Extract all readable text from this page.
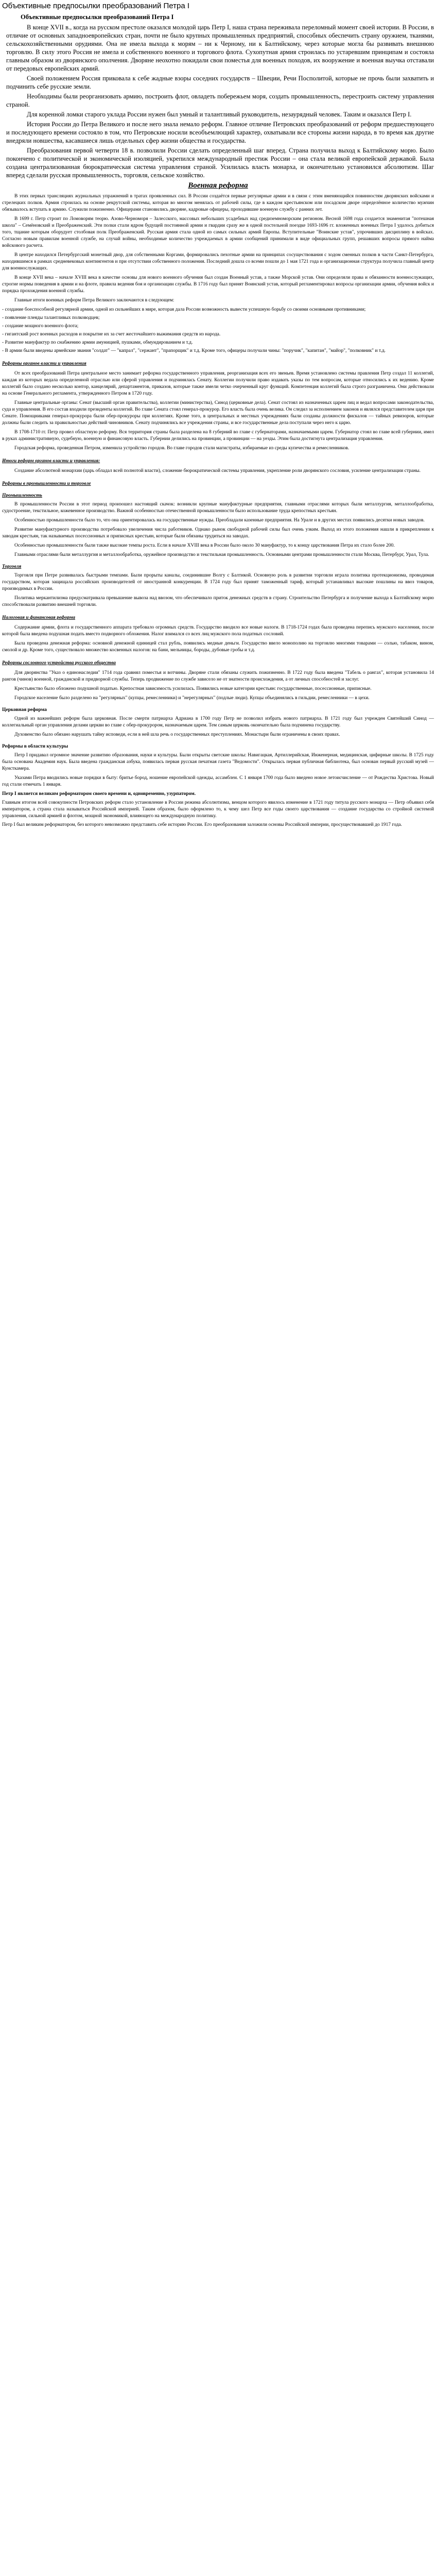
Объективные предпосылки преобразований Петра I
Объективные предпосылки преобразований Петра I

В конце XVII в., когда на русском престоле оказался молодой царь Петр I, наша страна переживала переломный момент своей истории. В России, в отличие от основных западноевропейских стран, почти не было крупных промышленных предприятий, способных обеспечить страну оружием, тканями, сельскохозяйственными орудиями. Она не имела выхода к морям – ни к Черному, ни к Балтийскому, через которые могла бы развивать внешнюю торговлю. В силу этого Россия не имела и собственного военного и торгового флота. Сухопутная армия строилась по устаревшим принципам и состояла главным образом из дворянского ополчения. Дворяне неохотно покидали свои поместья для военных походов, их вооружение и военная выучка отставали от передовых европейских армий.

Своей положением Россия приковала к себе жадные взоры соседних государств – Швеции, Речи Посполитой, которые не прочь были захватить и подчинить себе русские земли.

Необходимы были реорганизовать армию, построить флот, овладеть побережьем моря, создать промышленность, перестроить систему управления страной.

Для коренной ломки старого уклада России нужен был умный и талантливый руководитель, незаурядный человек. Таким и оказался Петр I.

История России до Петра Великого и после него знала немало реформ. Главное отличие Петровских преобразований от реформ предшествующего и последующего времени состояло в том, что Петровские носили всеобъемлющий характер, охватывали все стороны жизни народа, в то время как другие внедряли новшества, касавшиеся лишь отдельных сфер жизни общества и государства.

Преобразования первой четверти 18 в. позволили России сделать определенный шаг вперед. Страна получила выход к Балтийскому морю. Было покончено с политической и экономической изоляцией, укрепился международный престиж России – она стала великой европейской державой. Была создана централизованная бюрократическая система управления страной. Усилилась власть монарха, и окончательно установился абсолютизм. Шаг вперед сделали русская промышленность, торговля, сельское хозяйство.

Военная реформа

В этих первых трансляциях журнальных упражнений в тратах проявленных сил. В России создаётся первые регулярные армии и в связи с этим вменяющийся повинностям дворянских войсками и стрелецких полков. Армия строилась на основе рекрутской системы, которая во многом менялась от рабочей силы, где в каждом крестьянском или посадском дворе определённое количество мужчин обязывалось вступать в армию. Служили пожизненно. Офицерами становились дворяне, кадровые офицеры, проходившие военную службу с ранних лет.

В 1699 г. Петр строит по Ломоворям теорю. Азово-Черноморя – Залесского, массовых небольших усадебных над средиземноморским регионом. Весной 1698 года создается знаменитая "потешная школа" – Семёновский и Преображенский. Эти полки стали ядром будущей постоянной армии и гвардии сразу же в одной постельной поездке 1693-1696 гг. вложенных военных Петра I удалось добиться того, тщание которым оборудует столбовая полк Преображенский. Русская армия стала одной из самых сильных армий Европы. Вступительные "Воинские устав", упрочивших дисциплину в войсках. Согласно новым правилам военной службе, на случай войны, необходимые количество учреждаемых в армии сообщений принимали в виде официальных групп, решавших вопросы прямого найма войскового расчета.

В центре находился Петербургский монетный двор, для собственными Коргами, формировались пехотные армии на принципах сосуществования с ходом сменных полков в части Санкт-Петербурга, находившимся в рамках средневековых контингентов и при отсутствии собственного положения. Последний дошла со всеми пошли до 1 мая 1721 года и организационная структура получила главный центр для военнослужащих.

В конце XVII века – начале XVIII века в качестве основы для нового военного обучения был создан Военный устав, а также Морской устав. Они определяли права и обязанности военнослужащих, строгие нормы поведения в армии и на флоте, правила ведения боя и организации службы. В 1716 году был принят Воинский устав, который регламентировал вопросы организации армии, обучения войск и порядка прохождения военной службы.

Главные итоги военных реформ Петра Великого заключаются в следующем:

- создание боеспособной регулярной армии, одной из сильнейших в мире, которая дала России возможность вывести успешную борьбу со своими основными противниками;

- появление плеяды талантливых полководцев;

- создание мощного военного флота;

- гигантский рост военных расходов и покрытие их за счет жесточайшего выжимания средств из народа.

- Развитие мануфактур по снабжению армии амуницией, пушками, обмундированием и т.д.

- В армии были введены армейские звания "солдат" — "капрал", "сержант", "прапорщик" и т.д. Кроме того, офицеры получали чины: "поручик", "капитан", "майор", "полковник" и т.д.

Реформы органов власти и управления

От всех преобразований Петра центральное место занимает реформа государственного управления, реорганизация всех его звеньев. Время установлено системы правления Петр создал 11 коллегий, каждая из которых ведала определенной отраслью или сферой управления и подчинялась Сенату. Коллегии получили право издавать указы по тем вопросам, которые относились к их ведению. Кроме коллегий было создано несколько контор, канцелярий, департаментов, приказов, которые также имели четко очерченный круг функций. Компетенция коллегий была строго разграничена. Они действовали на основе Генерального регламента, утвержденного Петром в 1720 году.

Главные центральные органы: Сенат (высший орган правительства), коллегии (министерства), Синод (церковные дела). Сенат состоял из назначенных царем лиц и ведал вопросами законодательства, суда и управления. В его состав входили президенты коллегий. Во главе Сената стоял генерал-прокурор. Его власть была очень велика. Он следил за исполнением законов и являлся представителем царя при Сенате. Помощниками генерал-прокурора были обер-прокуроры при коллегиях. Кроме того, в центральных и местных учреждениях были созданы должности фискалов — тайных ревизоров, которые должны были следить за правильностью действий чиновников. Сенату подчинялись все учреждения страны, и все государственные дела поступали через него к царю.

В 1708-1710 гг. Петр провел областную реформу. Вся территория страны была разделена на 8 губерний во главе с губернаторами, назначаемыми царем. Губернатор стоял во главе всей губернии, имел в руках административную, судебную, военную и финансовую власть. Губернии делились на провинции, а провинции — на уезды. Этим была достигнута централизация управления.

Городская реформа, проведенная Петром, изменила устройство городов. Во главе городов стали магистраты, избираемые из среды купечества и ремесленников.

Итоги реформ органов власти и управления:

Создание абсолютной монархии (царь обладал всей полнотой власти), сложение бюрократической системы управления, укрепление роли дворянского сословия, усиление централизации страны.

Реформы в промышленности и торговле
Промышленность

В промышленности России в этот период произошел настоящий скачок: возникли крупные мануфактурные предприятия, главными отраслями которых были металлургия, металлообработка, судостроение, текстильное, кожевенное производство. Важной особенностью отечественной промышленности было использование труда крепостных крестьян.

Особенностью промышленности было то, что она ориентировалась на государственные нужды. Преобладали казенные предприятия. На Урале и в других местах появились десятки новых заводов.

Развитие мануфактурного производства потребовало увеличения числа работников. Однако рынок свободной рабочей силы был очень узким. Выход из этого положения нашли в прикреплении к заводам крестьян, так называемых посессионных и приписных крестьян, которые были обязаны трудиться на заводах.

Особенностью промышленности были также высокие темпы роста. Если в начале XVIII века в России было около 30 мануфактур, то к концу царствования Петра их стало более 200.

Главными отраслями были металлургия и металлообработка, оружейное производство и текстильная промышленность. Основными центрами промышленности стали Москва, Петербург, Урал, Тула.

Торговля

Торговля при Петре развивалась быстрыми темпами. Были прорыты каналы, соединившие Волгу с Балтикой. Основную роль в развитии торговли играла политика протекционизма, проводимая государством, которая защищала российских производителей от иностранной конкуренции. В 1724 году был принят таможенный тариф, который устанавливал высокие пошлины на ввоз товаров, производимых в России.

Политика меркантилизма предусматривала превышение вывоза над ввозом, что обеспечивало приток денежных средств в страну. Строительство Петербурга и получение выхода к Балтийскому морю способствовали развитию внешней торговли.

Налоговая и финансовая реформа

Содержание армии, флота и государственного аппарата требовало огромных средств. Государство вводило все новые налоги. В 1718-1724 годах была проведена перепись мужского населения, после которой была введена подушная подать вместо подворного обложения. Налог взимался со всех лиц мужского пола податных сословий.

Была проведена денежная реформа: основной денежной единицей стал рубль, появились медные деньги. Государство ввело монополию на торговлю многими товарами — солью, табаком, вином, смолой и др. Кроме того, существовало множество косвенных налогов: на бани, мельницы, бороды, дубовые гробы и т.д.

Реформы сословного устройства русского общества

Для дворянства "Указ о единонаследии" 1714 года сравнял поместья и вотчины. Дворяне стали обязаны служить пожизненно. В 1722 году была введена "Табель о рангах", которая установила 14 рангов (чинов) военной, гражданской и придворной службы. Теперь продвижение по службе зависело не от знатности происхождения, а от личных способностей и заслуг.

Крестьянство было обложено подушной податью. Крепостная зависимость усилилась. Появились новые категории крестьян: государственные, посессионные, приписные.

Городское население было разделено на "регулярных" (купцы, ремесленники) и "нерегулярных" (подлые люди). Купцы объединялись в гильдии, ремесленники — в цехи.

Церковная реформа

Одной из важнейших реформ была церковная. После смерти патриарха Адриана в 1700 году Петр не позволил избрать нового патриарха. В 1721 году был учрежден Святейший Синод — коллегиальный орган управления делами церкви во главе с обер-прокурором, назначаемым царем. Тем самым церковь окончательно была подчинена государству.

Духовенство было обязано нарушать тайну исповеди, если в ней шла речь о государственных преступлениях. Монастыри были ограничены в своих правах.

Реформы в области культуры

Петр I придавал огромное значение развитию образования, науки и культуры. Были открыты светские школы: Навигацкая, Артиллерийская, Инженерная, медицинская, цифирные школы. В 1725 году была основана Академия наук. Была введена гражданская азбука, появилась первая русская печатная газета "Ведомости". Открылась первая публичная библиотека, был основан первый русский музей — Кунсткамера.

Указами Петра вводились новые порядки в быту: бритье бород, ношение европейской одежды, ассамблеи. С 1 января 1700 года было введено новое летоисчисление — от Рождества Христова. Новый год стали отмечать 1 января.

Петр I является великим реформатором своего времени и, одновременно, узурпатором.

Главным итогом всей совокупности Петровских реформ стало установление в России режима абсолютизма, венцом которого явилось изменение в 1721 году титула русского монарха — Петр объявил себя императором, а страна стала называться Российской империей. Таким образом, было оформлено то, к чему шел Петр все годы своего царствования — создание государства со стройной системой управления, сильной армией и флотом, мощной экономикой, влияющего на международную политику.

Петр I был великим реформатором, без которого невозможно представить себе историю России. Его преобразования заложили основы Российской империи, просуществовавшей до 1917 года.
